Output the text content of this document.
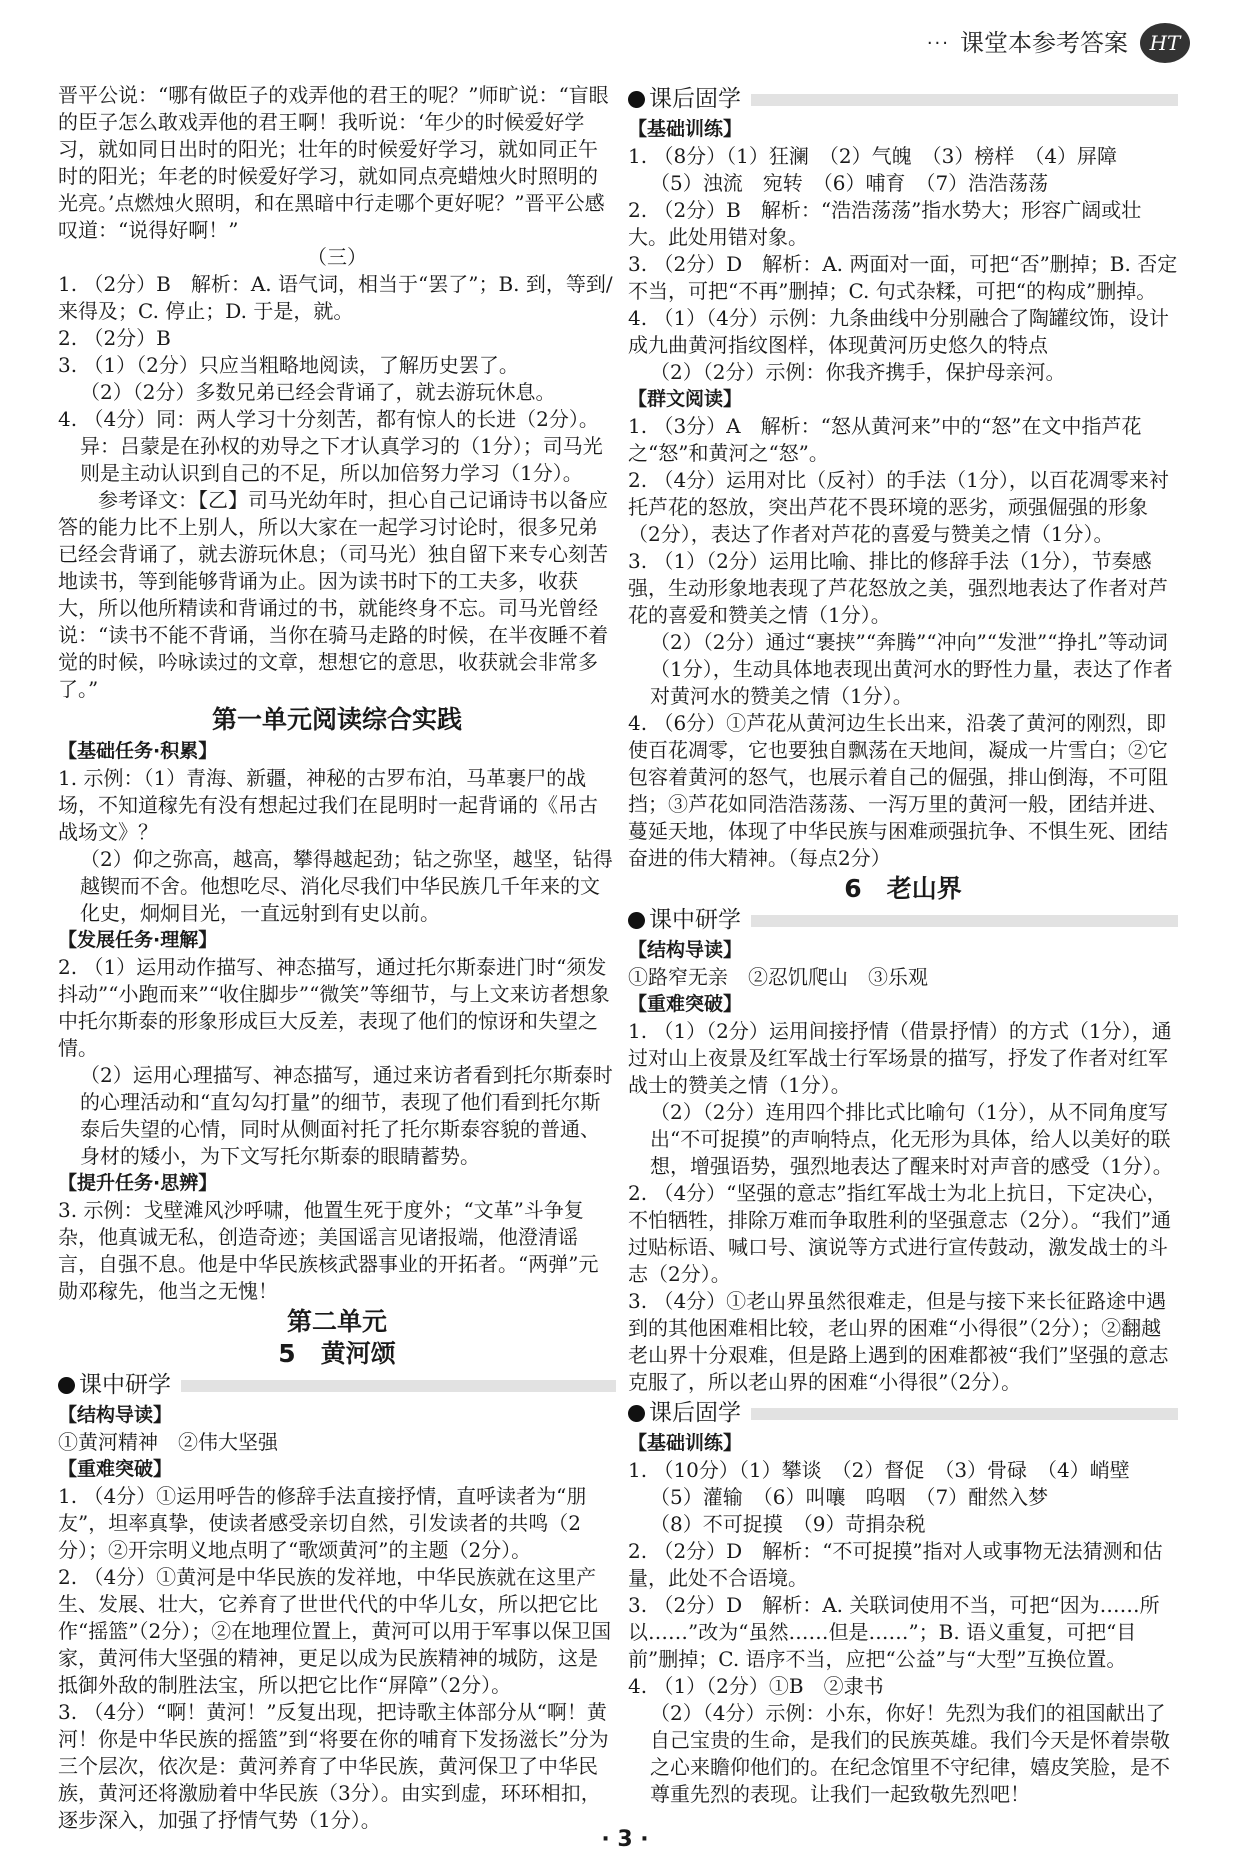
··· 课堂本参考答案	HT

晋平公说：“哪有做臣子的戏弄他的君王的呢？”师旷说：“盲眼的臣子怎么敢戏弄他的君王啊！我听说：‘年少的时候爱好学习，就如同日出时的阳光；壮年的时候爱好学习，就如同正午时的阳光；年老的时候爱好学习，就如同点亮蜡烛火时照明的光亮。’点燃烛火照明，和在黑暗中行走哪个更好呢？”晋平公感叹道：“说得好啊！”

（三）

1. （2分）B　解析：A. 语气词，相当于“罢了”；B. 到，等到/来得及；C. 停止；D. 于是，就。

2. （2分）B

3. （1）（2分）只应当粗略地阅读，了解历史罢了。

（2）（2分）多数兄弟已经会背诵了，就去游玩休息。

4. （4分）同：两人学习十分刻苦，都有惊人的长进（2分）。

异：吕蒙是在孙权的劝导之下才认真学习的（1分）；司马光则是主动认识到自己的不足，所以加倍努力学习（1分）。

参考译文：【乙】司马光幼年时，担心自己记诵诗书以备应答的能力比不上别人，所以大家在一起学习讨论时，很多兄弟已经会背诵了，就去游玩休息；（司马光）独自留下来专心刻苦地读书，等到能够背诵为止。因为读书时下的工夫多，收获大，所以他所精读和背诵过的书，就能终身不忘。司马光曾经说：“读书不能不背诵，当你在骑马走路的时候，在半夜睡不着觉的时候，吟咏读过的文章，想想它的意思，收获就会非常多了。”

第一单元阅读综合实践

【基础任务·积累】

1. 示例：（1）青海、新疆，神秘的古罗布泊，马革裹尸的战场，不知道稼先有没有想起过我们在昆明时一起背诵的《吊古战场文》？

（2）仰之弥高，越高，攀得越起劲；钻之弥坚，越坚，钻得越锲而不舍。他想吃尽、消化尽我们中华民族几千年来的文化史，炯炯目光，一直远射到有史以前。

【发展任务·理解】

2. （1）运用动作描写、神态描写，通过托尔斯泰进门时“须发抖动”“小跑而来”“收住脚步”“微笑”等细节，与上文来访者想象中托尔斯泰的形象形成巨大反差，表现了他们的惊讶和失望之情。

（2）运用心理描写、神态描写，通过来访者看到托尔斯泰时的心理活动和“直勾勾打量”的细节，表现了他们看到托尔斯泰后失望的心情，同时从侧面衬托了托尔斯泰容貌的普通、身材的矮小，为下文写托尔斯泰的眼睛蓄势。

【提升任务·思辨】

3. 示例：戈壁滩风沙呼啸，他置生死于度外；“文革”斗争复杂，他真诚无私，创造奇迹；美国谣言见诸报端，他澄清谣言，自强不息。他是中华民族核武器事业的开拓者。“两弹”元勋邓稼先，他当之无愧！

第二单元
5　黄河颂
课中研学

【结构导读】

①黄河精神　②伟大坚强

【重难突破】

1. （4分）①运用呼告的修辞手法直接抒情，直呼读者为“朋友”，坦率真挚，使读者感受亲切自然，引发读者的共鸣（2分）；②开宗明义地点明了“歌颂黄河”的主题（2分）。

2. （4分）①黄河是中华民族的发祥地，中华民族就在这里产生、发展、壮大，它养育了世世代代的中华儿女，所以把它比作“摇篮”（2分）；②在地理位置上，黄河可以用于军事以保卫国家，黄河伟大坚强的精神，更足以成为民族精神的城防，这是抵御外敌的制胜法宝，所以把它比作“屏障”（2分）。

3. （4分）“啊！黄河！”反复出现，把诗歌主体部分从“啊！黄河！你是中华民族的摇篮”到“将要在你的哺育下发扬滋长”分为三个层次，依次是：黄河养育了中华民族，黄河保卫了中华民族，黄河还将激励着中华民族（3分）。由实到虚，环环相扣，逐步深入，加强了抒情气势（1分）。

课后固学

【基础训练】

1. （8分）（1）狂澜　（2）气魄　（3）榜样　（4）屏障

（5）浊流　宛转　（6）哺育　（7）浩浩荡荡

2. （2分）B　解析：“浩浩荡荡”指水势大；形容广阔或壮大。此处用错对象。

3. （2分）D　解析：A. 两面对一面，可把“否”删掉；B. 否定不当，可把“不再”删掉；C. 句式杂糅，可把“的构成”删掉。

4. （1）（4分）示例：九条曲线中分别融合了陶罐纹饰，设计成九曲黄河指纹图样，体现黄河历史悠久的特点

（2）（2分）示例：你我齐携手，保护母亲河。

【群文阅读】

1. （3分）A　解析：“怒从黄河来”中的“怒”在文中指芦花之“怒”和黄河之“怒”。

2. （4分）运用对比（反衬）的手法（1分），以百花凋零来衬托芦花的怒放，突出芦花不畏环境的恶劣，顽强倔强的形象（2分），表达了作者对芦花的喜爱与赞美之情（1分）。

3. （1）（2分）运用比喻、排比的修辞手法（1分），节奏感强，生动形象地表现了芦花怒放之美，强烈地表达了作者对芦花的喜爱和赞美之情（1分）。

（2）（2分）通过“裹挟”“奔腾”“冲向”“发泄”“挣扎”等动词（1分），生动具体地表现出黄河水的野性力量，表达了作者对黄河水的赞美之情（1分）。

4. （6分）①芦花从黄河边生长出来，沿袭了黄河的刚烈，即使百花凋零，它也要独自飘荡在天地间，凝成一片雪白；②它包容着黄河的怒气，也展示着自己的倔强，排山倒海，不可阻挡；③芦花如同浩浩荡荡、一泻万里的黄河一般，团结并进、蔓延天地，体现了中华民族与困难顽强抗争、不惧生死、团结奋进的伟大精神。（每点2分）

6　老山界
课中研学

【结构导读】

①路窄无亲　②忍饥爬山　③乐观

【重难突破】

1. （1）（2分）运用间接抒情（借景抒情）的方式（1分），通过对山上夜景及红军战士行军场景的描写，抒发了作者对红军战士的赞美之情（1分）。

（2）（2分）连用四个排比式比喻句（1分），从不同角度写出“不可捉摸”的声响特点，化无形为具体，给人以美好的联想，增强语势，强烈地表达了醒来时对声音的感受（1分）。

2. （4分）“坚强的意志”指红军战士为北上抗日，下定决心，不怕牺牲，排除万难而争取胜利的坚强意志（2分）。“我们”通过贴标语、喊口号、演说等方式进行宣传鼓动，激发战士的斗志（2分）。

3. （4分）①老山界虽然很难走，但是与接下来长征路途中遇到的其他困难相比较，老山界的困难“小得很”（2分）；②翻越老山界十分艰难，但是路上遇到的困难都被“我们”坚强的意志克服了，所以老山界的困难“小得很”（2分）。

课后固学

【基础训练】

1. （10分）（1）攀谈　（2）督促　（3）骨碌　（4）峭壁

（5）灌输　（6）叫嚷　呜咽　（7）酣然入梦

（8）不可捉摸　（9）苛捐杂税

2. （2分）D　解析：“不可捉摸”指对人或事物无法猜测和估量，此处不合语境。

3. （2分）D　解析：A. 关联词使用不当，可把“因为……所以……”改为“虽然……但是……”；B. 语义重复，可把“目前”删掉；C. 语序不当，应把“公益”与“大型”互换位置。

4. （1）（2分）①B　②隶书

（2）（4分）示例：小东，你好！先烈为我们的祖国献出了自己宝贵的生命，是我们的民族英雄。我们今天是怀着崇敬之心来瞻仰他们的。在纪念馆里不守纪律，嬉皮笑脸，是不尊重先烈的表现。让我们一起致敬先烈吧！

· 3 ·
